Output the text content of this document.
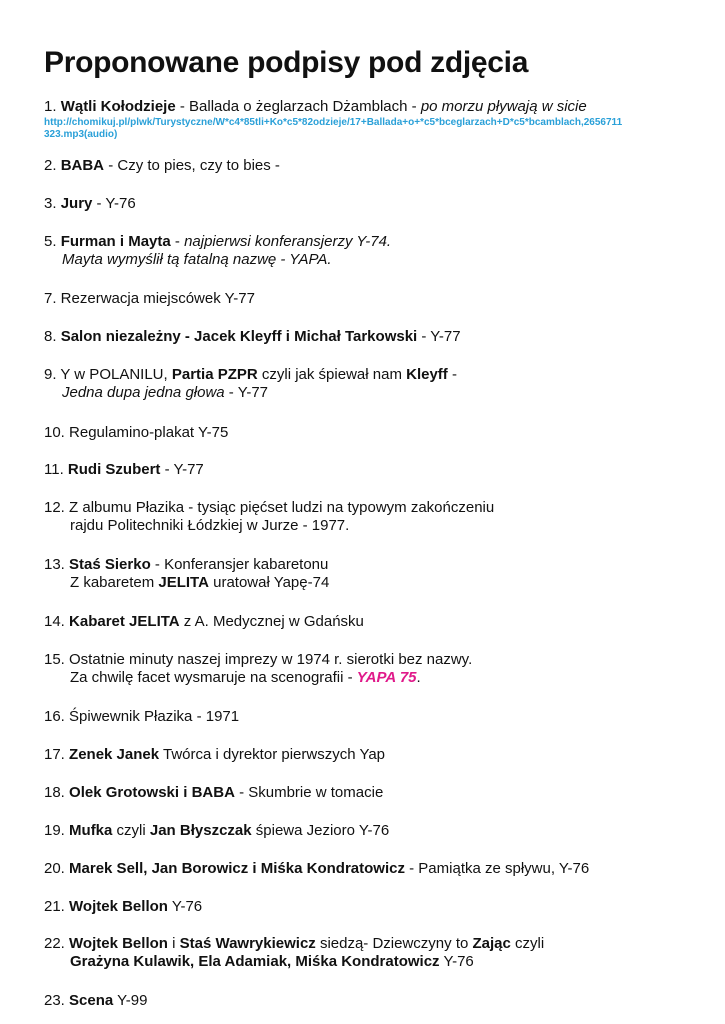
Proponowane podpisy pod zdjęcia
1. Wątli Kołodzieje - Ballada o żeglarzach Dżamblach - po morzu pływają w sicie
http://chomikuj.pl/plwk/Turystyczne/W*c4*85tli+Ko*c5*82odzieje/17+Ballada+o+*c5*bceglarzach+D*c5*bcamblach,2656711
323.mp3(audio)
2. BABA - Czy to pies, czy to bies -
3. Jury - Y-76
5. Furman i Mayta - najpierwsi konferansjerzy Y-74.
Mayta wymyślił tą fatalną nazwę - YAPA.
7. Rezerwacja miejscówek Y-77
8. Salon niezależny - Jacek Kleyff i Michał Tarkowski - Y-77
9. Y w POLANILU, Partia PZPR czyli jak śpiewał nam Kleyff -
Jedna dupa jedna głowa - Y-77
10. Regulamino-plakat Y-75
11. Rudi Szubert - Y-77
12. Z albumu Płazika - tysiąc pięćset ludzi na typowym zakończeniu
rajdu Politechniki Łódzkiej w Jurze - 1977.
13. Staś Sierko - Konferansjer kabaretonu
Z kabaretem JELITA uratował Yapę-74
14. Kabaret JELITA z A. Medycznej w Gdańsku
15. Ostatnie minuty naszej imprezy w 1974 r. sierotki bez nazwy.
Za chwilę facet wysmaruje na scenografii - YAPA 75.
16. Śpiwewnik Płazika - 1971
17. Zenek Janek Twórca i dyrektor pierwszych Yap
18. Olek Grotowski i BABA - Skumbrie w tomacie
19. Mufka czyli Jan Błyszczak śpiewa Jezioro Y-76
20. Marek Sell, Jan Borowicz i Miśka Kondratowicz - Pamiątka ze spływu, Y-76
21. Wojtek Bellon Y-76
22. Wojtek Bellon i Staś Wawrykiewicz siedzą- Dziewczyny to Zając czyli
Grażyna Kulawik, Ela Adamiak, Miśka Kondratowicz Y-76
23. Scena Y-99
